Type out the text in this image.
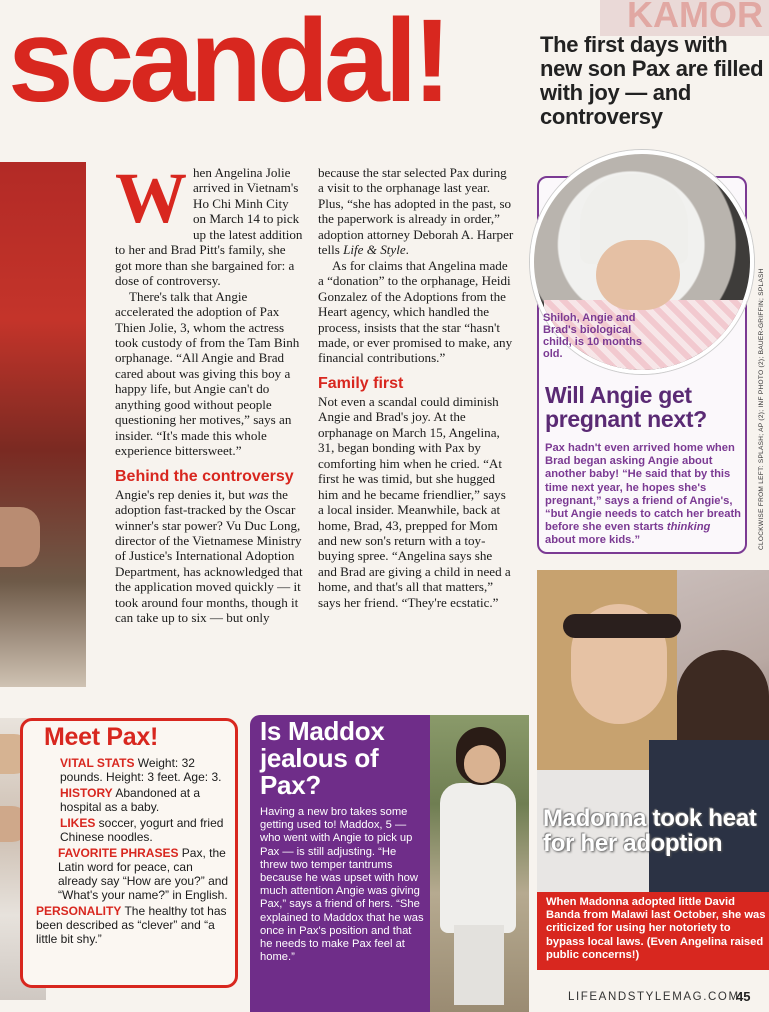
KAMOR
scandal!	The first days with new son Pax are filled with joy — and controversy

When Angelina Jolie arrived in Vietnam's Ho Chi Minh City on March 14 to pick up the latest addition to her and Brad Pitt's family, she got more than she bargained for: a dose of controversy.

There's talk that Angie accelerated the adoption of Pax Thien Jolie, 3, whom the actress took custody of from the Tam Binh orphanage. “All Angie and Brad cared about was giving this boy a happy life, but Angie can't do anything good without people questioning her motives,” says an insider. “It's made this whole experience bittersweet.”

Behind the controversy

Angie's rep denies it, but was the adoption fast-tracked by the Oscar winner's star power? Vu Duc Long, director of the Vietnamese Ministry of Justice's International Adoption Department, has acknowledged that the application moved quickly — it took around four months, though it can take up to six — but only

because the star selected Pax during a visit to the orphanage last year. Plus, “she has adopted in the past, so the paperwork is already in order,” adoption attorney Deborah A. Harper tells Life & Style.

As for claims that Angelina made a “donation” to the orphanage, Heidi Gonzalez of the Adoptions from the Heart agency, which handled the process, insists that the star “hasn't made, or ever promised to make, any financial contributions.”

Family first

Not even a scandal could diminish Angie and Brad's joy. At the orphanage on March 15, Angelina, 31, began bonding with Pax by comforting him when he cried. “At first he was timid, but she hugged him and he became friendlier,” says a local insider. Meanwhile, back at home, Brad, 43, prepped for Mom and new son's return with a toy-buying spree. “Angelina says she and Brad are giving a child in need a home, and that's all that matters,” says her friend. “They're ecstatic.”

Shiloh, Angie and Brad's biological child, is 10 months old.
Will Angie get pregnant next?
Pax hadn't even arrived home when Brad began asking Angie about another baby! “He said that by this time next year, he hopes she's pregnant,” says a friend of Angie's, “but Angie needs to catch her breath before she even starts thinking about more kids.”	CLOCKWISE FROM LEFT: SPLASH; AP (2); INF PHOTO (2); BAUER-GRIFFIN; SPLASH
Madonna took heat for her adoption
When Madonna adopted little David Banda from Malawi last October, she was criticized for using her notoriety to bypass local laws. (Even Angelina raised public concerns!)
Meet Pax!
VITAL STATS Weight: 32 pounds. Height: 3 feet. Age: 3.
HISTORY Abandoned at a hospital as a baby.
LIKES soccer, yogurt and fried Chinese noodles.
FAVORITE PHRASES Pax, the Latin word for peace, can already say “How are you?” and “What's your name?” in English.
PERSONALITY The healthy tot has been described as “clever” and “a little bit shy.”
Is Maddox jealous of Pax?
Having a new bro takes some getting used to! Maddox, 5 — who went with Angie to pick up Pax — is still adjusting. “He threw two temper tantrums because he was upset with how much attention Angie was giving Pax,” says a friend of hers. “She explained to Maddox that he was once in Pax's position and that he needs to make Pax feel at home.”
LIFEANDSTYLEMAG.COM
45
